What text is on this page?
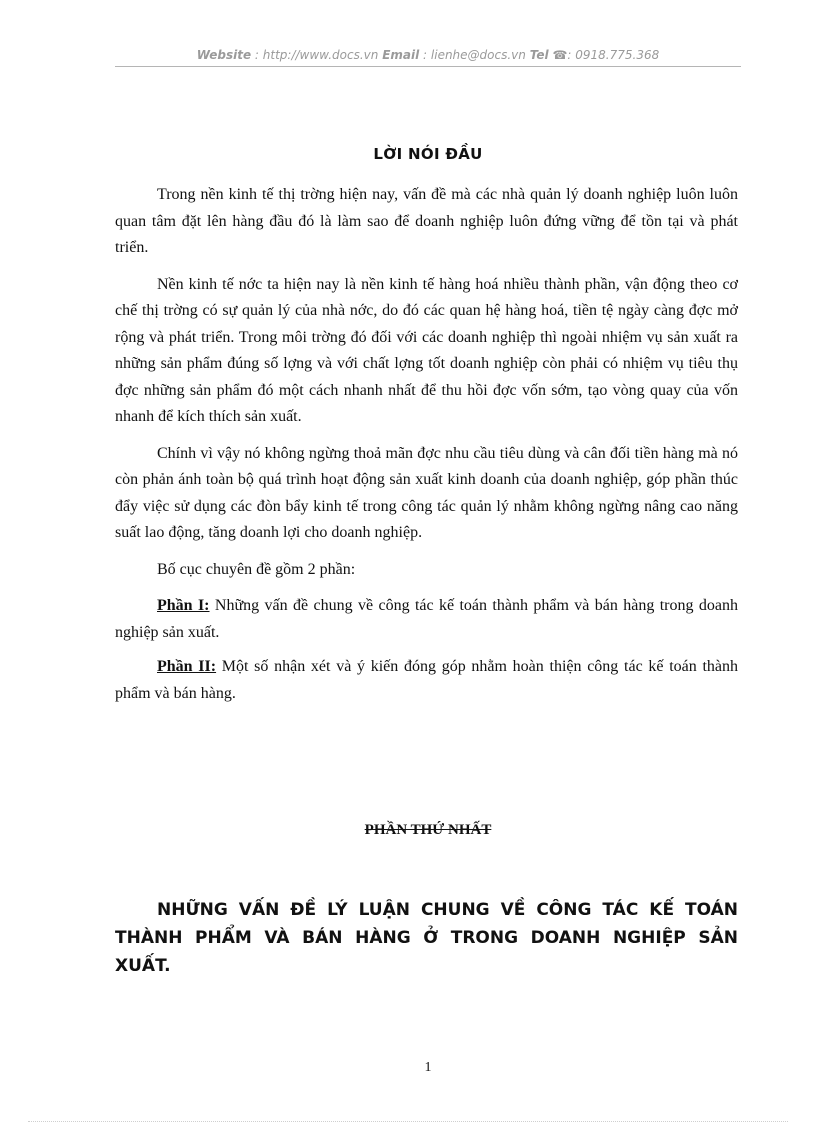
Website : http://www.docs.vn Email : lienhe@docs.vn Tel ☎: 0918.775.368
LỜI NÓI ĐẦU

Trong nền kinh tế thị trờng hiện nay, vấn đề mà các nhà quản lý doanh nghiệp luôn luôn quan tâm đặt lên hàng đầu đó là làm sao để doanh nghiệp luôn đứng vững để tồn tại và phát triển.

Nền kinh tế nớc ta hiện nay là nền kinh tế hàng hoá nhiều thành phần, vận động theo cơ chế thị trờng có sự quản lý của nhà nớc, do đó các quan hệ hàng hoá, tiền tệ ngày càng đợc mở rộng và phát triển. Trong môi trờng đó đối với các doanh nghiệp thì ngoài nhiệm vụ sản xuất ra những sản phẩm đúng số lợng và với chất lợng tốt doanh nghiệp còn phải có nhiệm vụ tiêu thụ đợc những sản phẩm đó một cách nhanh nhất để thu hồi đợc vốn sớm, tạo vòng quay của vốn nhanh để kích thích sản xuất.

Chính vì vậy nó không ngừng thoả mãn đợc nhu cầu tiêu dùng và cân đối tiền hàng mà nó còn phản ánh toàn bộ quá trình hoạt động sản xuất kinh doanh của doanh nghiệp, góp phần thúc đẩy việc sử dụng các đòn bẩy kinh tế trong công tác quản lý nhằm không ngừng nâng cao năng suất lao động, tăng doanh lợi cho doanh nghiệp.

Bố cục chuyên đề gồm 2 phần:

Phần I: Những vấn đề chung về công tác kế toán thành phẩm và bán hàng trong doanh nghiệp sản xuất.

Phần II: Một số nhận xét và ý kiến đóng góp nhằm hoàn thiện công tác kế toán thành phẩm và bán hàng.

PHẦN THỨ NHẤT

NHỮNG VẤN ĐỀ LÝ LUẬN CHUNG VỀ CÔNG TÁC KẾ TOÁN THÀNH PHẨM VÀ BÁN HÀNG Ở TRONG DOANH NGHIỆP SẢN XUẤT.

1
